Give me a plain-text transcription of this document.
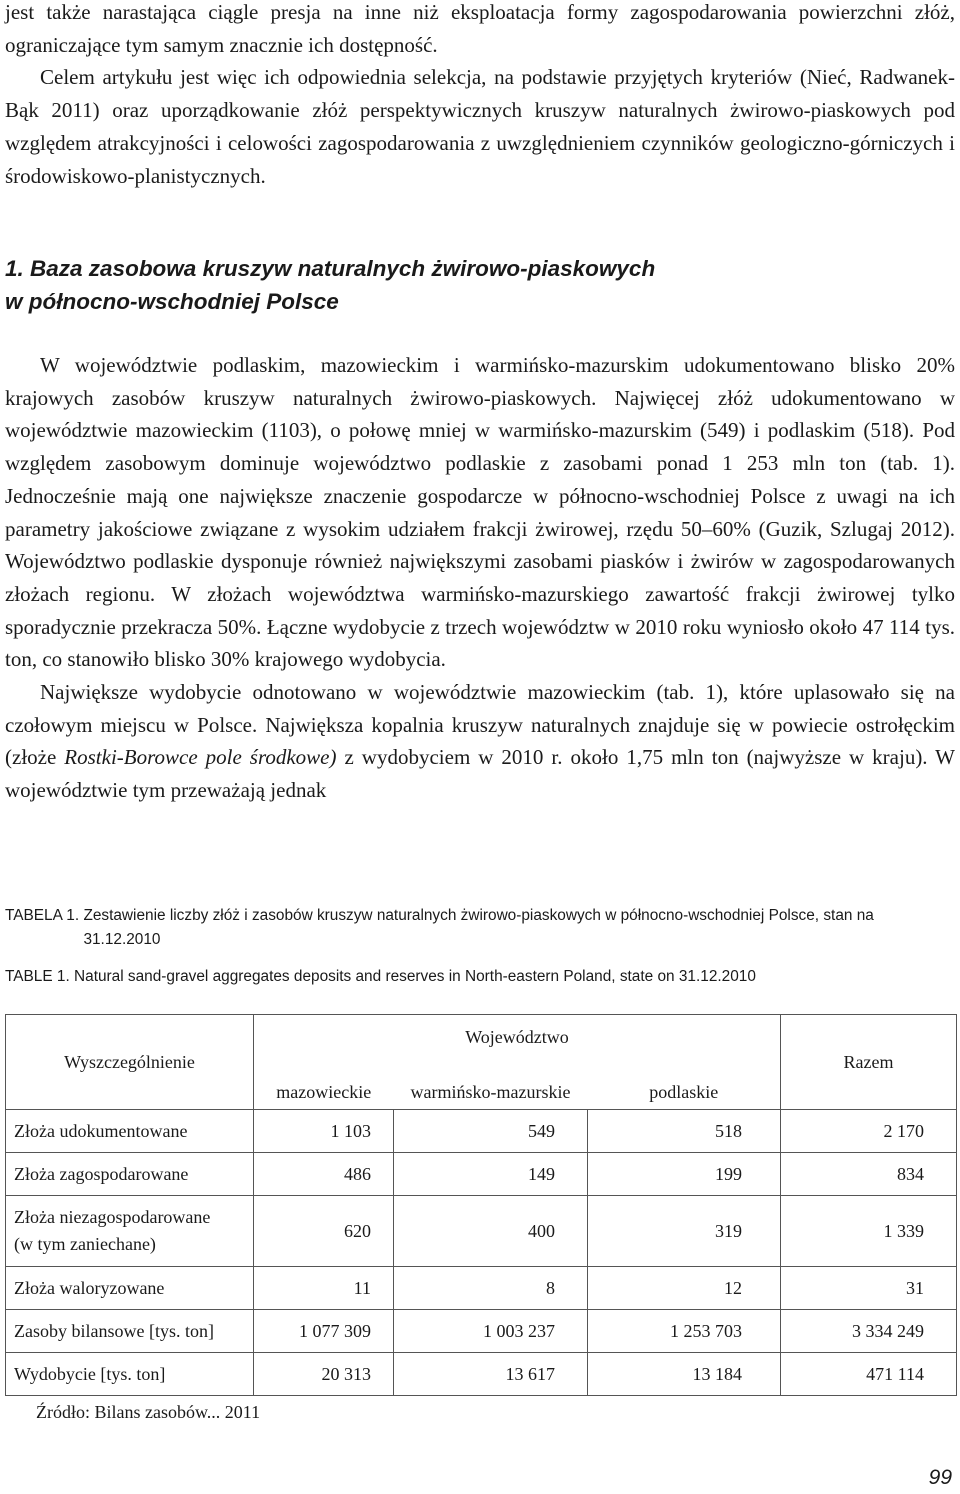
jest także narastająca ciągle presja na inne niż eksploatacja formy zagospodarowania powierzchni złóż, ograniczające tym samym znacznie ich dostępność.

Celem artykułu jest więc ich odpowiednia selekcja, na podstawie przyjętych kryteriów (Nieć, Radwanek-Bąk 2011) oraz uporządkowanie złóż perspektywicznych kruszyw naturalnych żwirowo-piaskowych pod względem atrakcyjności i celowości zagospodarowania z uwzględnieniem czynników geologiczno-górniczych i środowiskowo-planistycznych.

1. Baza zasobowa kruszyw naturalnych żwirowo-piaskowych
w północno-wschodniej Polsce

W województwie podlaskim, mazowieckim i warmińsko-mazurskim udokumentowano blisko 20% krajowych zasobów kruszyw naturalnych żwirowo-piaskowych. Najwięcej złóż udokumentowano w województwie mazowieckim (1103), o połowę mniej w warmińsko-mazurskim (549) i podlaskim (518). Pod względem zasobowym dominuje województwo podlaskie z zasobami ponad 1 253 mln ton (tab. 1). Jednocześnie mają one największe znaczenie gospodarcze w północno-wschodniej Polsce z uwagi na ich parametry jakościowe związane z wysokim udziałem frakcji żwirowej, rzędu 50–60% (Guzik, Szlugaj 2012). Województwo podlaskie dysponuje również największymi zasobami piasków i żwirów w zagospodarowanych złożach regionu. W złożach województwa warmińsko-mazurskiego zawartość frakcji żwirowej tylko sporadycznie przekracza 50%. Łączne wydobycie z trzech województw w 2010 roku wyniosło około 47 114 tys. ton, co stanowiło blisko 30% krajowego wydobycia.

Największe wydobycie odnotowano w województwie mazowieckim (tab. 1), które uplasowało się na czołowym miejscu w Polsce. Największa kopalnia kruszyw naturalnych znajduje się w powiecie ostrołęckim (złoże Rostki-Borowce pole środkowe) z wydobyciem w 2010 r. około 1,75 mln ton (najwyższe w kraju). W województwie tym przeważają jednak

TABELA 1.
Zestawienie liczby złóż i zasobów kruszyw naturalnych żwirowo-piaskowych w północno-wschodniej Polsce, stan na 31.12.2010
TABLE 1. Natural sand-gravel aggregates deposits and reserves in North-eastern Poland, state on 31.12.2010
Wyszczególnienie	Województwo			Razem
	mazowieckie	warmińsko-mazurskie	podlaskie	
Złoża udokumentowane	1 103	549	518	2 170
Złoża zagospodarowane	486	149	199	834
Złoża niezagospodarowane
(w tym zaniechane)	620	400	319	1 339
Złoża waloryzowane	11	8	12	31
Zasoby bilansowe [tys. ton]	1 077 309	1 003 237	1 253 703	3 334 249
Wydobycie [tys. ton]	20 313	13 617	13 184	471 114

Źródło: Bilans zasobów... 2011

99
